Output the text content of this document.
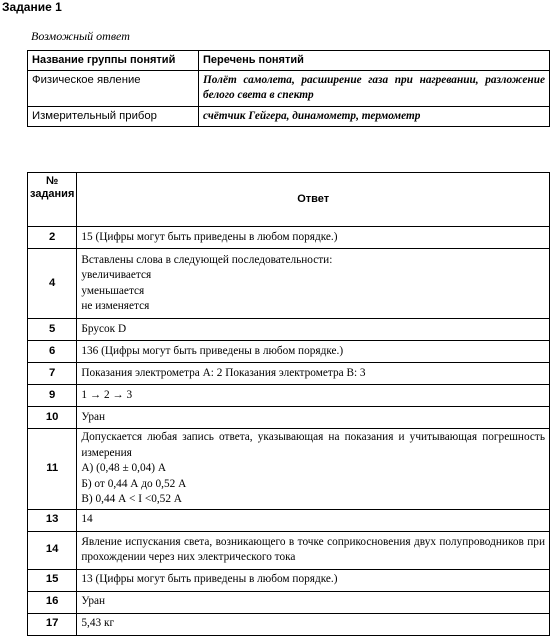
Задание 1
Возможный ответ
Название группы понятий	Перечень понятий
Физическое явление	Полёт самолета, расширение газа при нагревании, разложение белого света в спектр
Измерительный прибор	счётчик Гейгера, динамометр, термометр
№ задания	Ответ
2	15 (Цифры могут быть приведены в любом порядке.)

4	Вставлены слова в следующей последовательности:
увеличивается
уменьшается
не изменяется

5	Брусок D

6	136 (Цифры могут быть приведены в любом порядке.)

7	Показания электрометра А: 2 Показания электрометра В: 3

9	1 → 2 → 3

10	Уран

11	Допускается любая запись ответа, указывающая на показания и учитывающая погрешность измерения
А) (0,48 ± 0,04) А
Б) от 0,44 А до 0,52 А
В) 0,44 А < I <0,52 А

13	14

14	Явление испускания света, возникающего в точке соприкосновения двух полупроводников при прохождении через них электрического тока

15	13 (Цифры могут быть приведены в любом порядке.)

16	Уран

17	5,43 кг
